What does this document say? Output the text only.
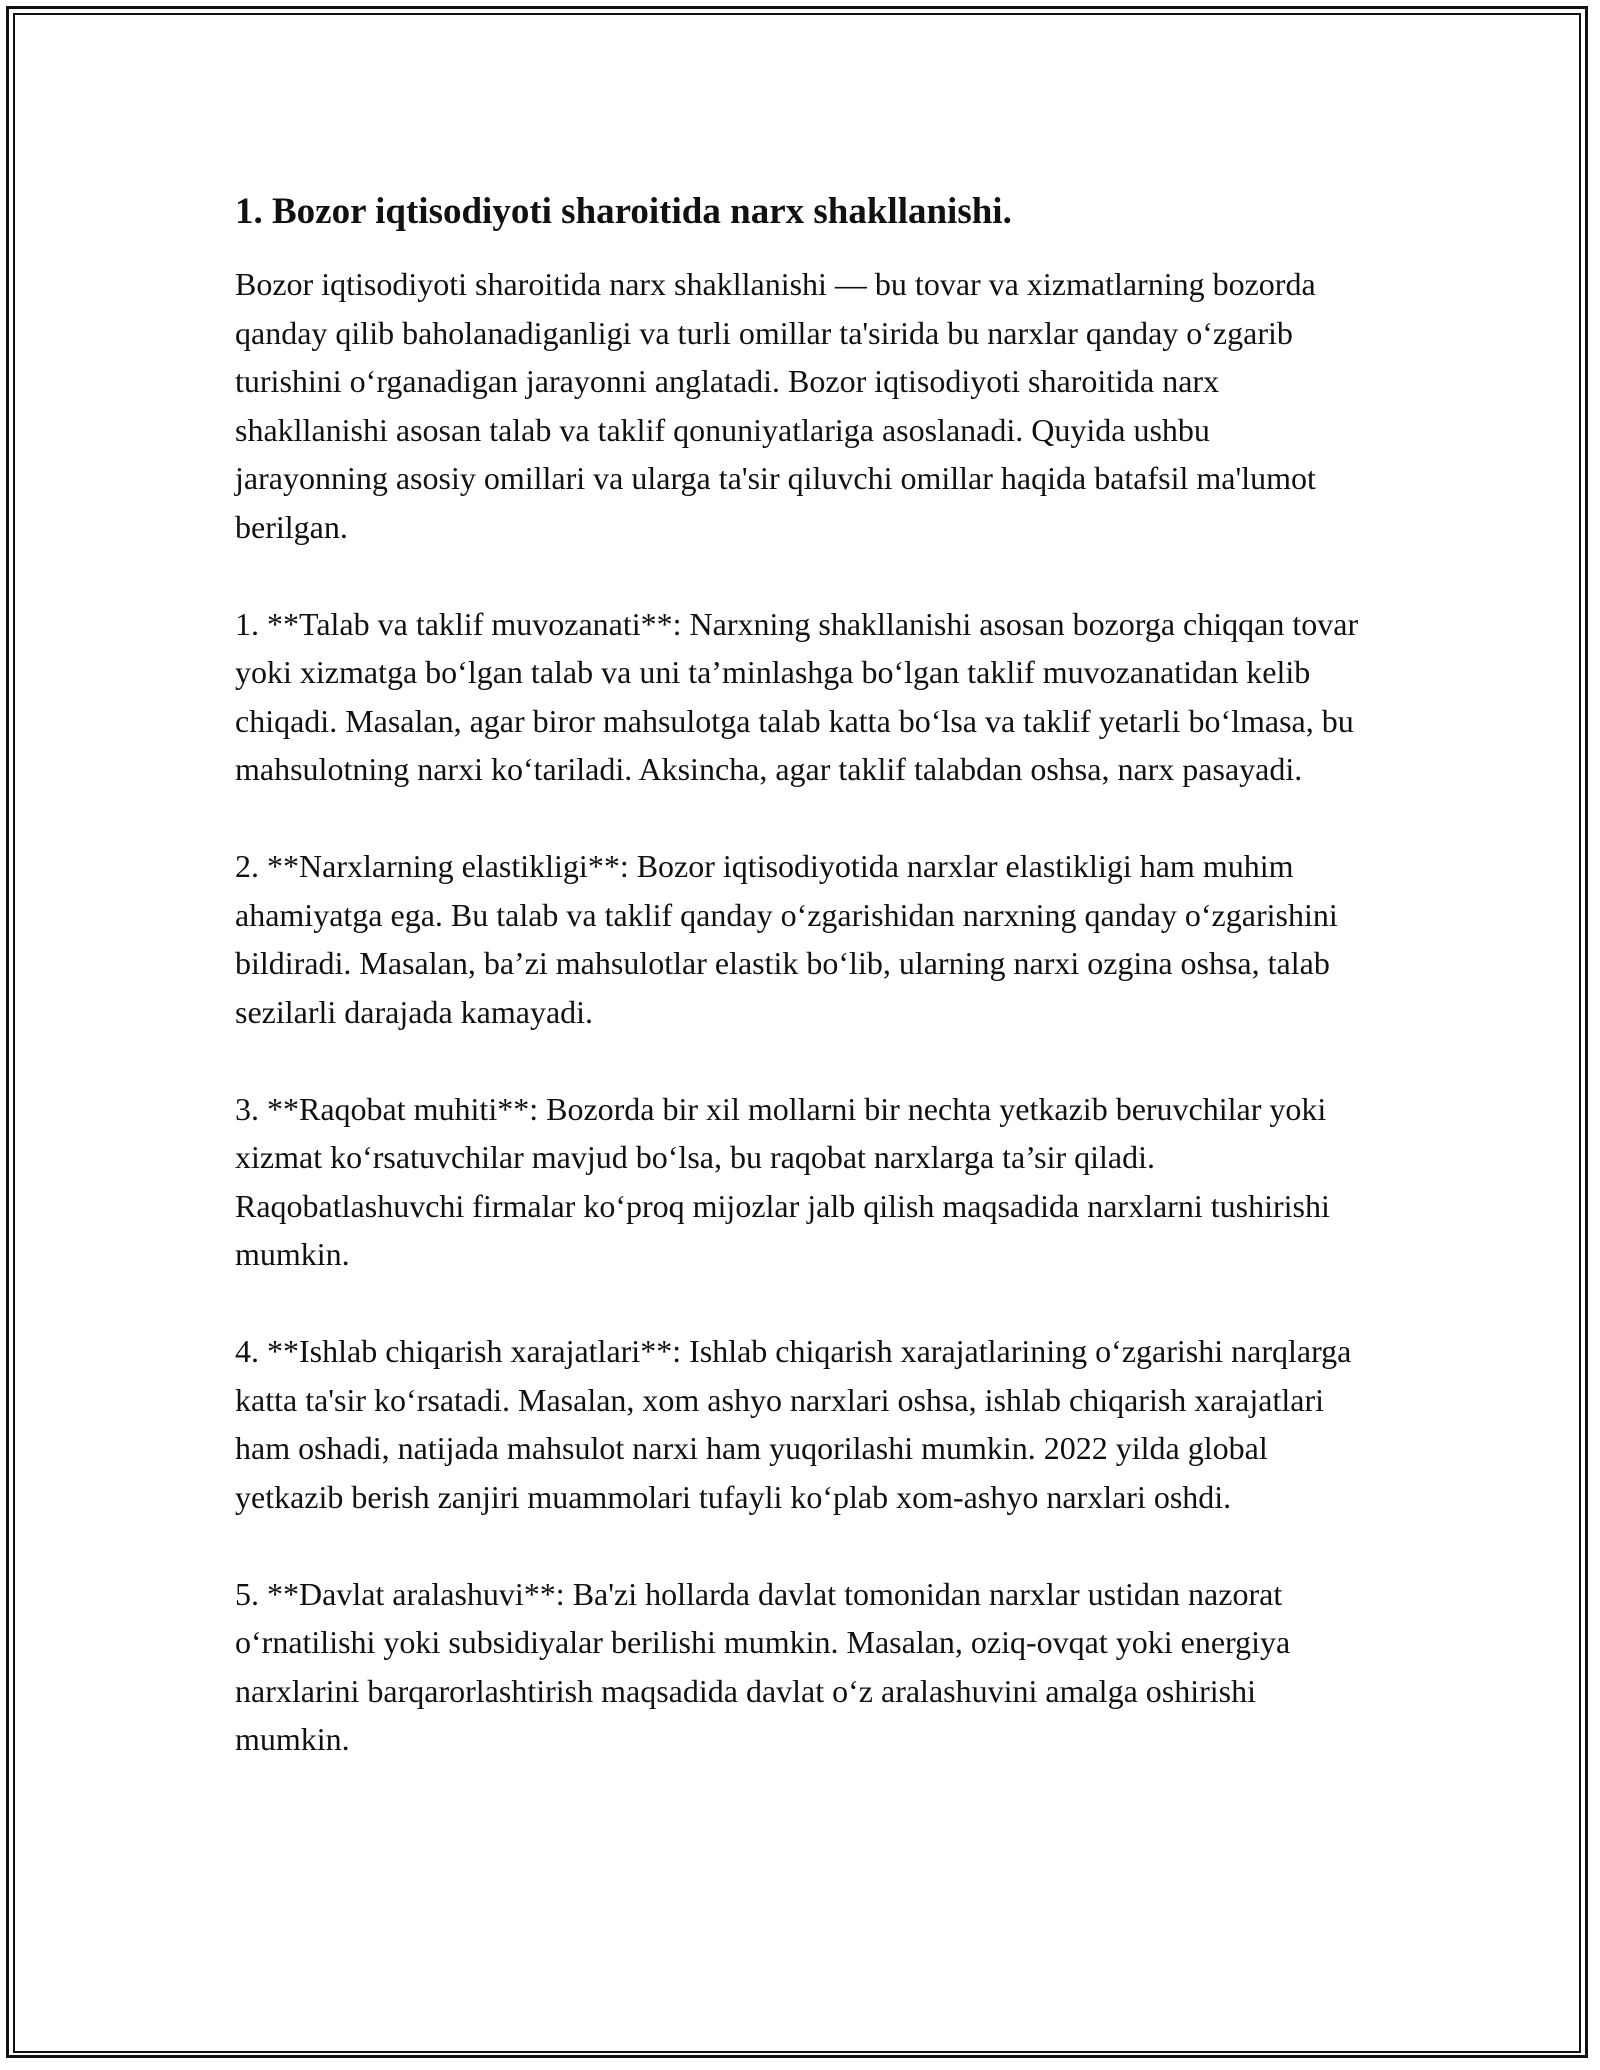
1. Bozor iqtisodiyoti sharoitida narx shakllanishi.

Bozor iqtisodiyoti sharoitida narx shakllanishi — bu tovar va xizmatlarning bozorda qanday qilib baholanadiganligi va turli omillar ta'sirida bu narxlar qanday o‘zgarib turishini o‘rganadigan jarayonni anglatadi. Bozor iqtisodiyoti sharoitida narx shakllanishi asosan talab va taklif qonuniyatlariga asoslanadi. Quyida ushbu jarayonning asosiy omillari va ularga ta'sir qiluvchi omillar haqida batafsil ma'lumot berilgan.

1. **Talab va taklif muvozanati**: Narxning shakllanishi asosan bozorga chiqqan tovar yoki xizmatga bo‘lgan talab va uni ta’minlashga bo‘lgan taklif muvozanatidan kelib chiqadi. Masalan, agar biror mahsulotga talab katta bo‘lsa va taklif yetarli bo‘lmasa, bu mahsulotning narxi ko‘tariladi. Aksincha, agar taklif talabdan oshsa, narx pasayadi.

2. **Narxlarning elastikligi**: Bozor iqtisodiyotida narxlar elastikligi ham muhim ahamiyatga ega. Bu talab va taklif qanday o‘zgarishidan narxning qanday o‘zgarishini bildiradi. Masalan, ba’zi mahsulotlar elastik bo‘lib, ularning narxi ozgina oshsa, talab sezilarli darajada kamayadi.

3. **Raqobat muhiti**: Bozorda bir xil mollarni bir nechta yetkazib beruvchilar yoki xizmat ko‘rsatuvchilar mavjud bo‘lsa, bu raqobat narxlarga ta’sir qiladi. Raqobatlashuvchi firmalar ko‘proq mijozlar jalb qilish maqsadida narxlarni tushirishi mumkin.

4. **Ishlab chiqarish xarajatlari**: Ishlab chiqarish xarajatlarining o‘zgarishi narqlarga katta ta'sir ko‘rsatadi. Masalan, xom ashyo narxlari oshsa, ishlab chiqarish xarajatlari ham oshadi, natijada mahsulot narxi ham yuqorilashi mumkin. 2022 yilda global yetkazib berish zanjiri muammolari tufayli ko‘plab xom-ashyo narxlari oshdi.

5. **Davlat aralashuvi**: Ba'zi hollarda davlat tomonidan narxlar ustidan nazorat o‘rnatilishi yoki subsidiyalar berilishi mumkin. Masalan, oziq-ovqat yoki energiya narxlarini barqarorlashtirish maqsadida davlat o‘z aralashuvini amalga oshirishi mumkin.
